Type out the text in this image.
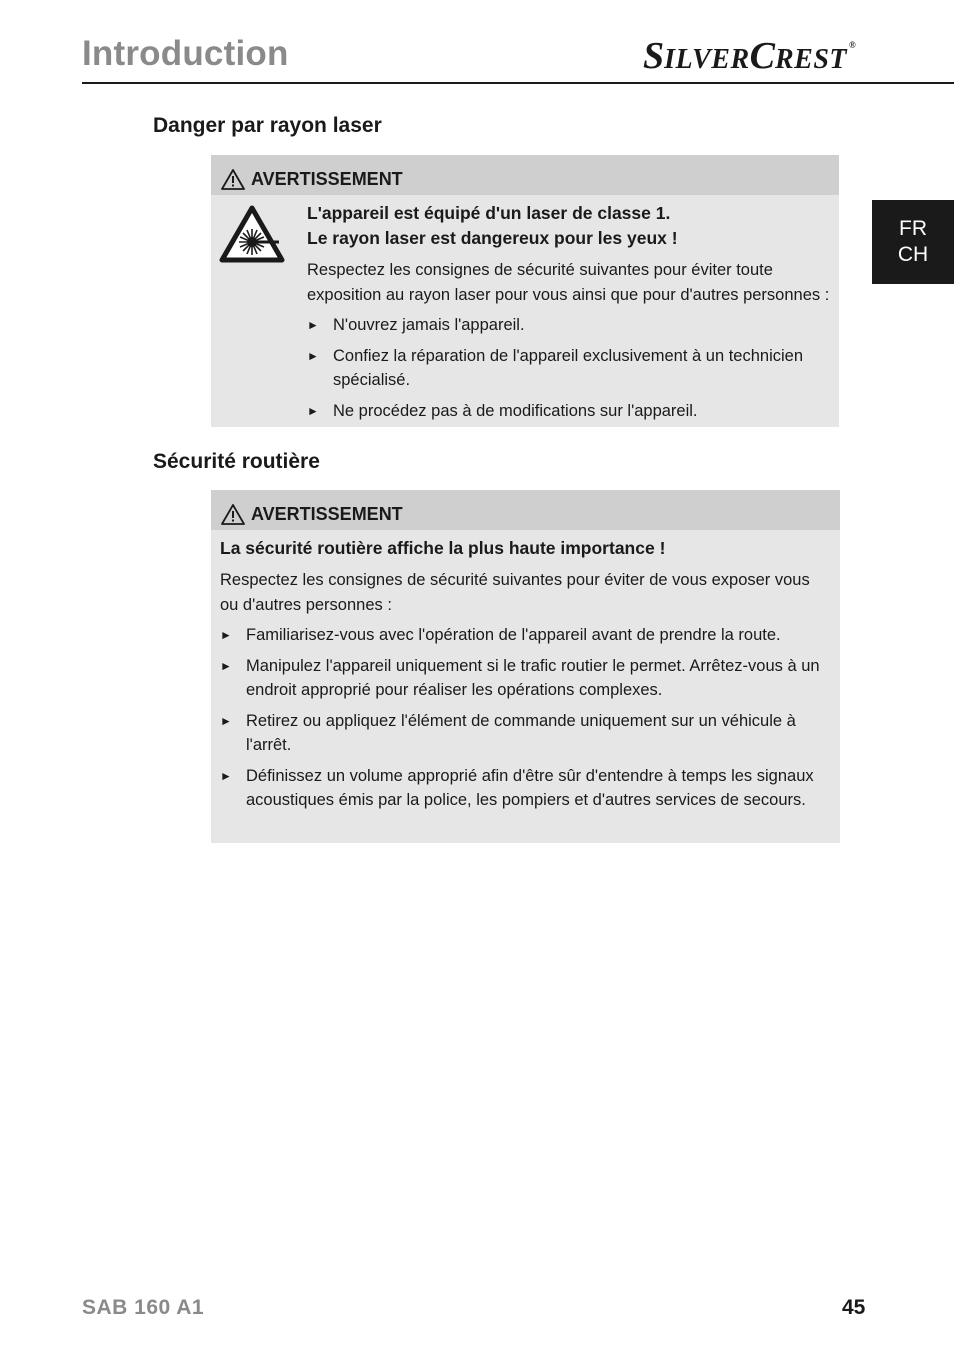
Introduction	SILVERCREST ®
FR
CH
Danger par rayon laser
AVERTISSEMENT
L'appareil est équipé d'un laser de classe 1.
Le rayon laser est dangereux pour les yeux !
Respectez les consignes de sécurité suivantes pour éviter toute exposition au rayon laser pour vous ainsi que pour d'autres personnes :
► N'ouvrez jamais l'appareil.
► Confiez la réparation de l'appareil exclusivement à un technicien spécialisé.
► Ne procédez pas à de modifications sur l'appareil.
Sécurité routière
AVERTISSEMENT
La sécurité routière affiche la plus haute importance !
Respectez les consignes de sécurité suivantes pour éviter de vous exposer vous ou d'autres personnes :
► Familiarisez-vous avec l'opération de l'appareil avant de prendre la route.
► Manipulez l'appareil uniquement si le trafic routier le permet. Arrêtez-vous à un endroit approprié pour réaliser les opérations complexes.
► Retirez ou appliquez l'élément de commande uniquement sur un véhicule à l'arrêt.
► Définissez un volume approprié afin d'être sûr d'entendre à temps les signaux acoustiques émis par la police, les pompiers et d'autres services de secours.
SAB 160 A1	45
